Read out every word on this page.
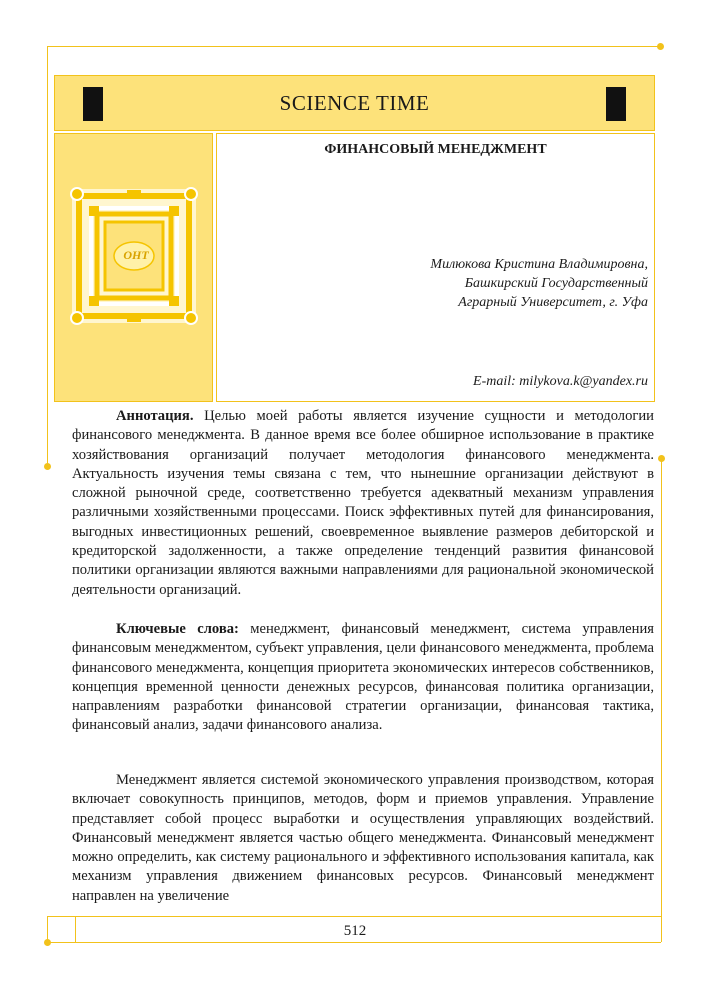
SCIENCE TIME
ОНТ
ФИНАНСОВЫЙ МЕНЕДЖМЕНТ
Милюкова Кристина Владимировна,
Башкирский Государственный
Аграрный Университет, г. Уфа
E-mail: milykova.k@yandex.ru

Аннотация. Целью моей работы является изучение сущности и методологии финансового менеджмента. В данное время все более обширное использование в практике хозяйствования организаций получает методология финансового менеджмента. Актуальность изучения темы связана с тем, что нынешние организации действуют в сложной рыночной среде, соответственно требуется адекватный механизм управления различными хозяйственными процессами. Поиск эффективных путей для финансирования, выгодных инвестиционных решений, своевременное выявление размеров дебиторской и кредиторской задолженности, а также определение тенденций развития финансовой политики организации являются важными направлениями для рациональной экономической деятельности организаций.

Ключевые слова: менеджмент, финансовый менеджмент, система управления финансовым менеджментом, субъект управления, цели финансового менеджмента, проблема финансового менеджмента, концепция приоритета экономических интересов собственников, концепция временной ценности денежных ресурсов, финансовая политика организации, направлениям разработки финансовой стратегии организации, финансовая тактика, финансовый анализ, задачи финансового анализа.

Менеджмент является системой экономического управления производством, которая включает совокупность принципов, методов, форм и приемов управления. Управление представляет собой процесс выработки и осуществления управляющих воздействий. Финансовый менеджмент является частью общего менеджмента. Финансовый менеджмент можно определить, как систему рационального и эффективного использования капитала, как механизм управления движением финансовых ресурсов. Финансовый менеджмент направлен на увеличение

512
